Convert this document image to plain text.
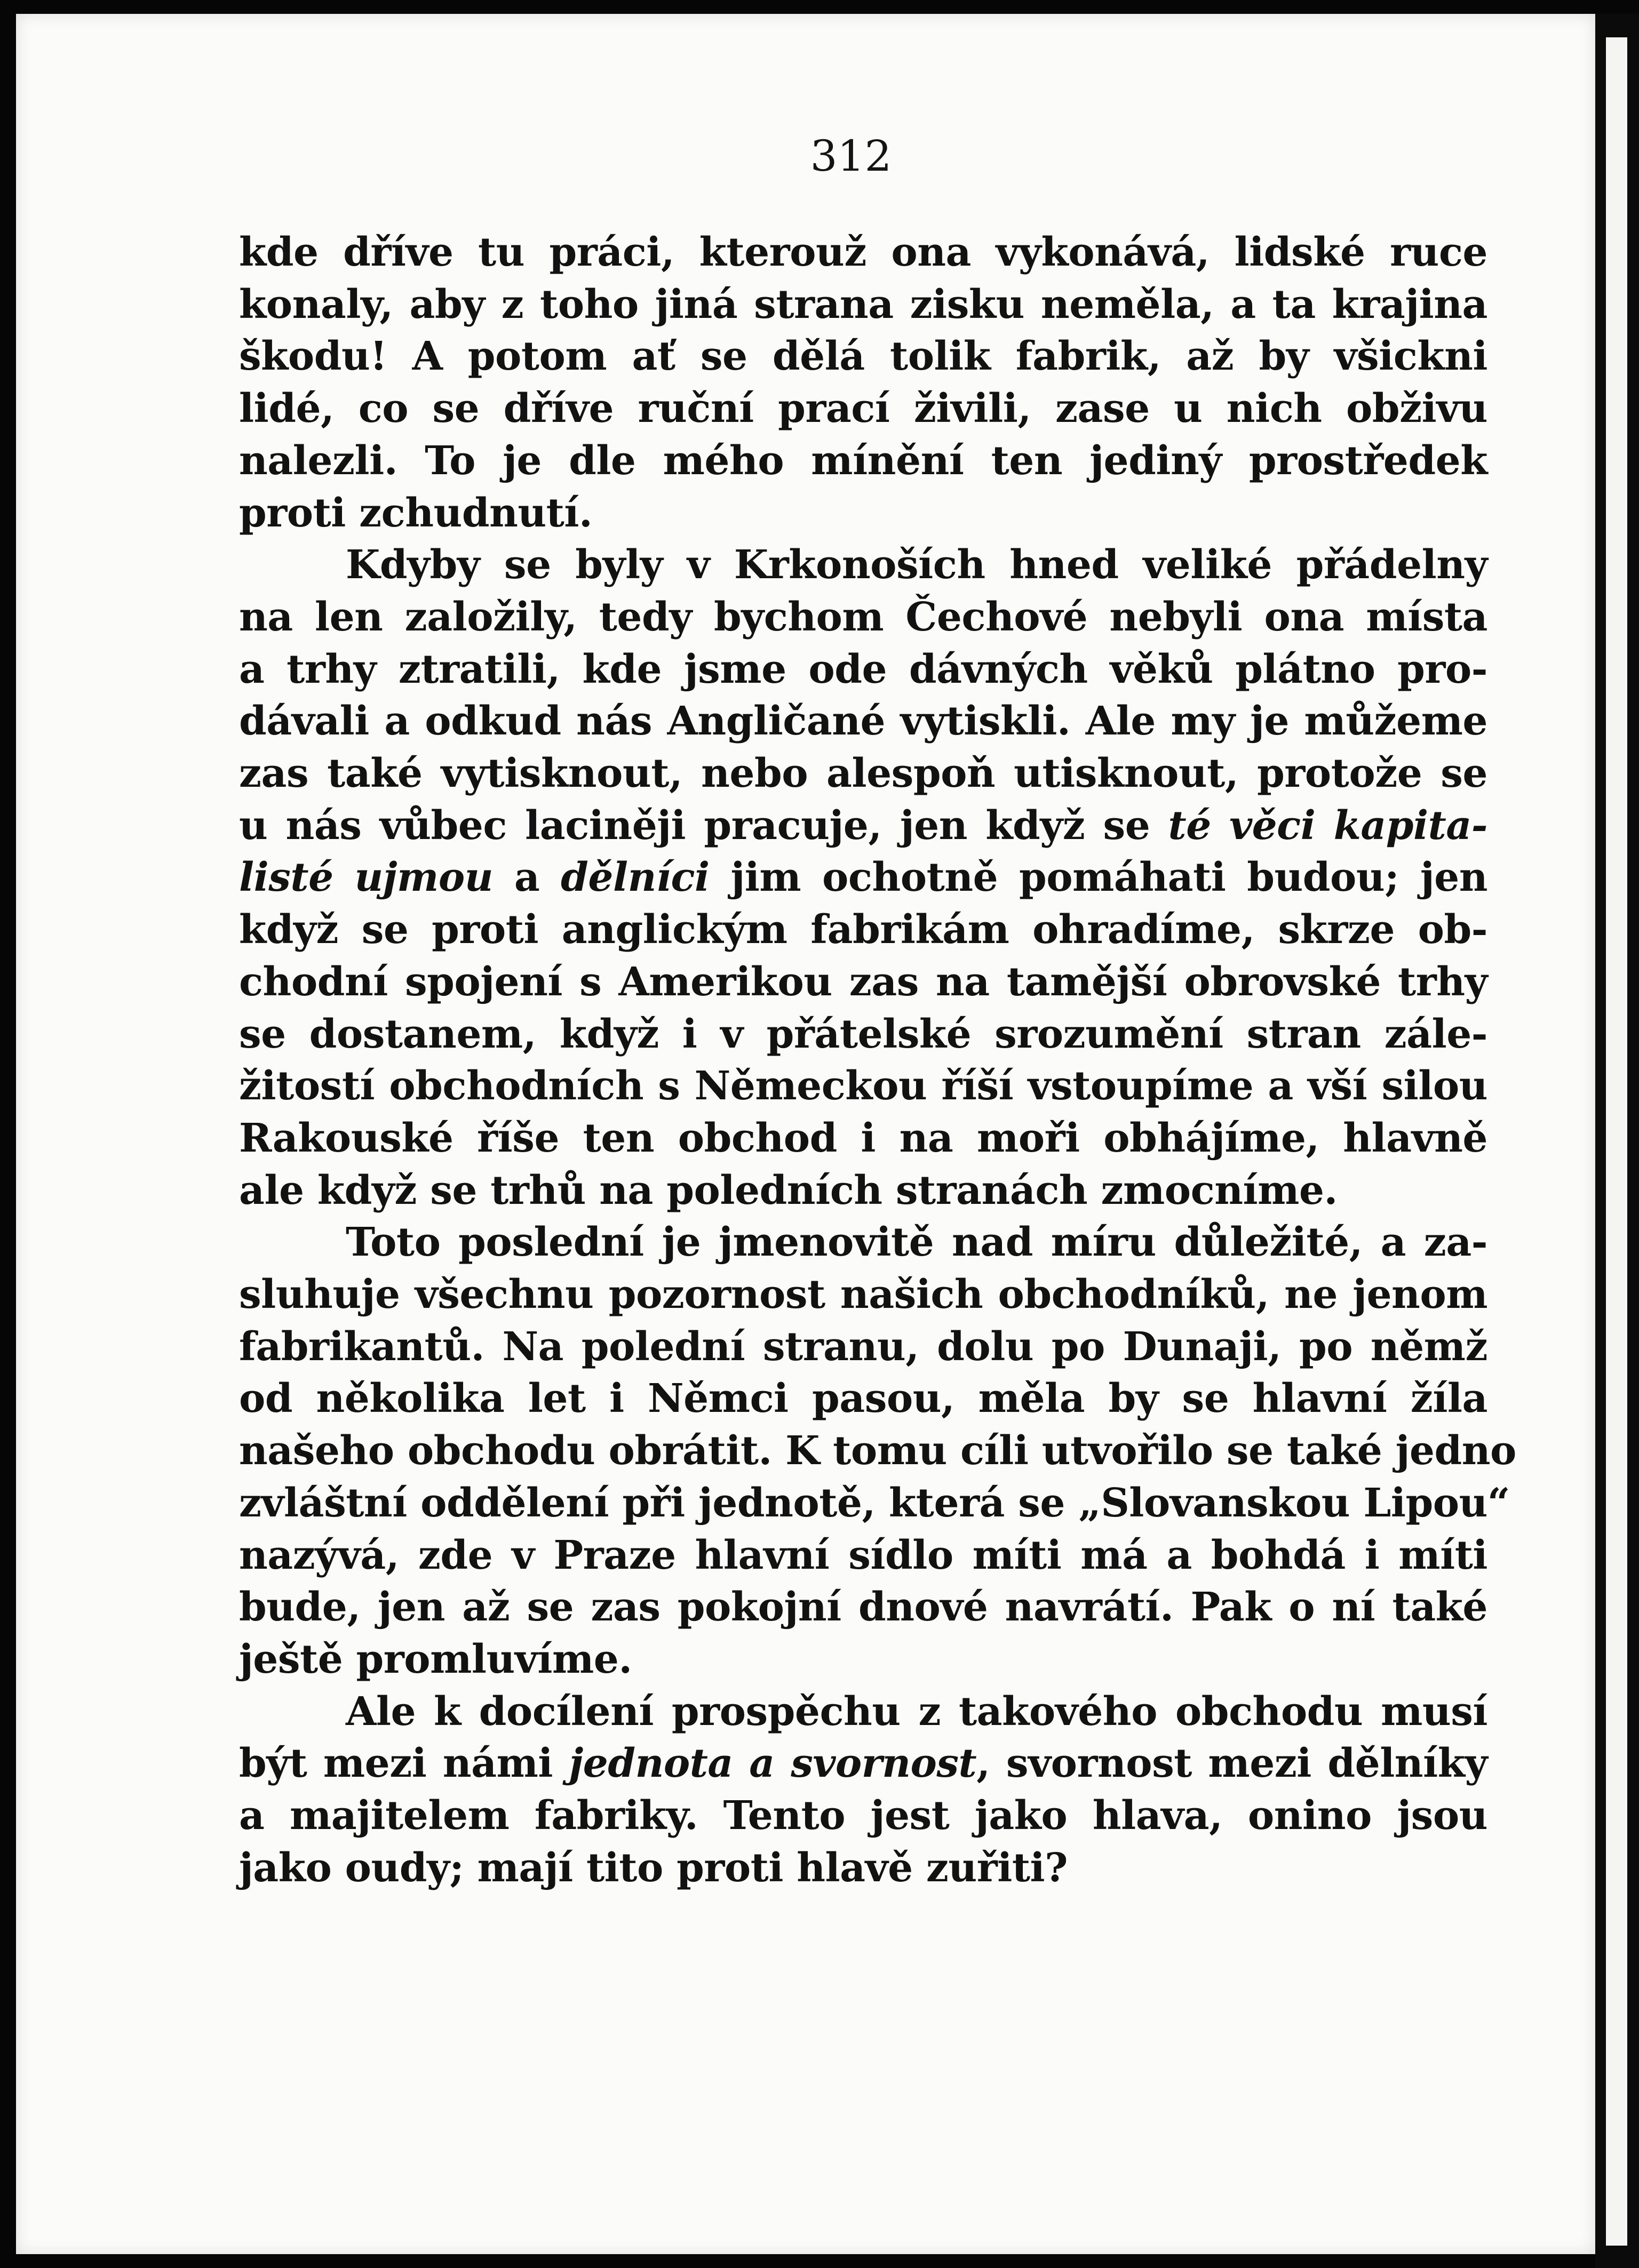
312
kde dříve tu práci, kterouž ona vykonává, lidské ruce
konaly, aby z toho jiná strana zisku neměla, a ta krajina
škodu! A potom ať se dělá tolik fabrik, až by všickni
lidé, co se dříve ruční prací živili, zase u nich obživu
nalezli. To je dle mého mínění ten jediný prostředek
proti zchudnutí.
Kdyby se byly v Krkonoších hned veliké přádelny
na len založily, tedy bychom Čechové nebyli ona místa
a trhy ztratili, kde jsme ode dávných věků plátno pro-
dávali a odkud nás Angličané vytiskli. Ale my je můžeme
zas také vytisknout, nebo alespoň utisknout, protože se
u nás vůbec laciněji pracuje, jen když se té věci kapita-
listé ujmou a dělníci jim ochotně pomáhati budou; jen
když se proti anglickým fabrikám ohradíme, skrze ob-
chodní spojení s Amerikou zas na tamější obrovské trhy
se dostanem, když i v přátelské srozumění stran zále-
žitostí obchodních s Německou říší vstoupíme a vší silou
Rakouské říše ten obchod i na moři obhájíme, hlavně
ale když se trhů na poledních stranách zmocníme.
Toto poslední je jmenovitě nad míru důležité, a za-
sluhuje všechnu pozornost našich obchodníků, ne jenom
fabrikantů. Na polední stranu, dolu po Dunaji, po němž
od několika let i Němci pasou, měla by se hlavní žíla
našeho obchodu obrátit. K tomu cíli utvořilo se také jedno
zvláštní oddělení při jednotě, která se „Slovanskou Lipou“
nazývá, zde v Praze hlavní sídlo míti má a bohdá i míti
bude, jen až se zas pokojní dnové navrátí. Pak o ní také
ještě promluvíme.
Ale k docílení prospěchu z takového obchodu musí
být mezi námi jednota a svornost, svornost mezi dělníky
a majitelem fabriky. Tento jest jako hlava, onino jsou
jako oudy; mají tito proti hlavě zuřiti?
